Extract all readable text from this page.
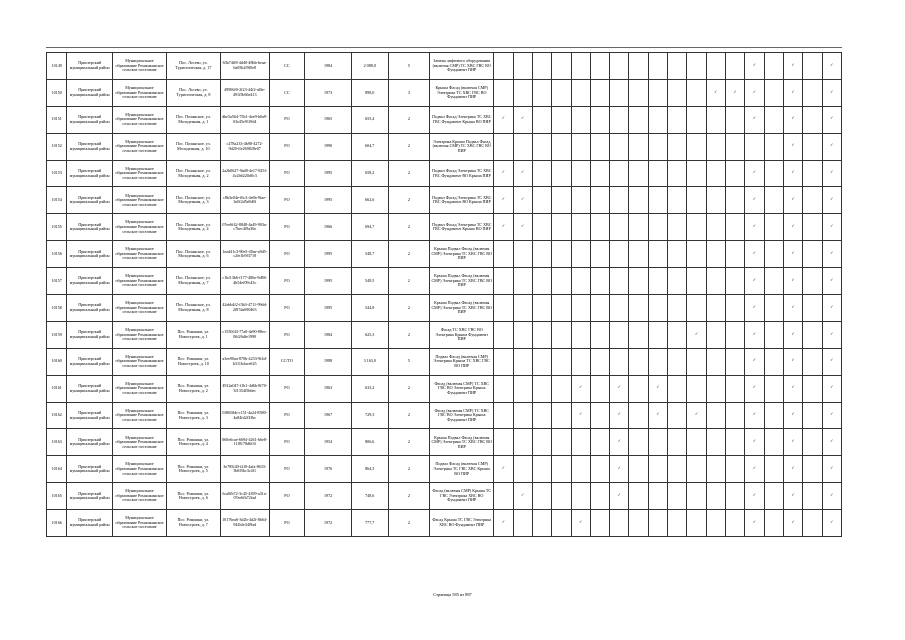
10149	Приозерский муниципальный район	Муниципальное образование Ромашкинское сельское поселение	Пос. Лосево, ул. Туристическая, д. 17	63b74ff8-4d40-48bb-beaa-6a05b2f9f0e8	СС	1984	2 088,0	5	Замена лифтового оборудования (включая СМР) ТС ХВС ГВС ВО Фундамент ПИР														✓		✓		✓
10150	Приозерский муниципальный район	Муниципальное образование Ромашкинское сельское поселение	Пос. Лосево, ул. Туристическая, д. 8	49906f0-2f23-44f2-a8fe-491f5b66e413	СС	1973	898,0	3	Крыша Фасад (включая СМР) Электрика ТС ХВС ГВС ВО Фундамент ПИР												✓	✓	✓		✓		✓
10151	Приозерский муниципальный район	Муниципальное образование Ромашкинское сельское поселение	Пос. Полянское, ул. Молодежная, д. 1	dbe5a564-75b1-4ee9-b0a9-03e45e91f9d4	РО	1965	655,4	2	Подвал Фасад Электрика ТС ХВС ГВС Фундамент Крыша ВО ПИР	✓	✓												✓		✓		✓
10152	Приозерский муниципальный район	Муниципальное образование Ромашкинское сельское поселение	Пос. Полянское, ул. Молодежная, д. 10	c278a233-4b98-4272-9d20-ffe269828e07	РО	1990	604,7	2	Электрика Крыша Подвал Фасад (включая СМР) ТС ХВС ГВС ВО ПИР																✓		✓
10153	Приозерский муниципальный район	Муниципальное образование Ромашкинское сельское поселение	Пос. Полянское, ул. Молодежная, д. 2	2a2b0627-9ad8-4e17-825f-4c2b6220d0c3	РО	1995	658,2	2	Подвал Фасад Электрика ТС ХВС ГВС Фундамент ВО Крыша ПИР	✓	✓												✓		✓		✓
10154	Приозерский муниципальный район	Муниципальное образование Ромашкинское сельское поселение	Пос. Полянское, ул. Молодежная, д. 3	c8b3e04e-f6c3-4e6b-9fae-3e0f2d5e8d0f	РО	1995	662,6	2	Подвал Фасад Электрика ТС ХВС ГВС Фундамент ВО Крыша ПИР	✓	✓												✓		✓		✓
10155	Приозерский муниципальный район	Муниципальное образование Ромашкинское сельское поселение	Пос. Полянское, ул. Молодежная, д. 4	07ee6f42-8848-4a49-903a-c7bec4f9a36e	РО	1966	694,7	2	Подвал Фасад Электрика ТС ХВС ГВС Фундамент Крыша ВО ПИР	✓	✓												✓		✓		✓
10156	Приозерский муниципальный район	Муниципальное образование Ромашкинское сельское поселение	Пос. Полянское, ул. Молодежная, д. 6	1ead41c3-90e5-40ae-a9d5-c2fe1b9f3718	РО	1995	548,7	2	Крыша Подвал Фасад (включая СМР) Электрика ТС ХВС ГВС ВО ПИР														✓		✓		✓
10157	Приозерский муниципальный район	Муниципальное образование Ромашкинское сельское поселение	Пос. Полянское, ул. Молодежная, д. 7	c1bf13b6-f177-486e-9d86-4b54ef09c43c	РО	1995	549,5	2	Крыша Подвал Фасад (включая СМР) Электрика ТС ХВС ГВС ВО ПИР														✓		✓		✓
10158	Приозерский муниципальный район	Муниципальное образование Ромашкинское сельское поселение	Пос. Полянское, ул. Молодежная, д. 8	42ebb4f2-f3b3-4711-99dd-2f87da690463	РО	1995	544,8	2	Крыша Подвал Фасад (включая СМР) Электрика ТС ХВС ГВС ВО ПИР														✓		✓		✓
10159	Приозерский муниципальный район	Муниципальное образование Ромашкинское сельское поселение	Пос. Ромашки, ул. Новостроек, д. 1	c1550f43-77a0-4e90-88ec-06f26dfe1990	РО	1984	625,3	2	Фасад ТС ХВС ГВС ВО Электрика Крыша Фундамент ПИР											✓			✓		✓		✓
10160	Приозерский муниципальный район	Муниципальное образование Ромашкинское сельское поселение	Пос. Ромашки, ул. Новостроек, д. 10	a3ee90aa-870b-4233-9f4d-b311b4ace625	СС/ТО	1988	3 163,0	5	Подвал Фасад (включая СМР) Электрика Крыша ТС ХВС ГВС ВО ПИР														✓		✓		✓
10161	Приозерский муниципальный район	Муниципальное образование Ромашкинское сельское поселение	Пос. Ромашки, ул. Новостроек, д. 2	4912a047-f1b1-4d6b-8f70-3f1354f5b6ec	РО	1963	633,2	2	Фасад (включая СМР) ТС ХВС ГВС ВО Электрика Крыша Фундамент ПИР					✓		✓		✓					✓		✓		✓
10162	Приозерский муниципальный район	Муниципальное образование Ромашкинское сельское поселение	Пос. Ромашки, ул. Новостроек, д. 3	0f865fbb-c151-4a24-8580-4a84fd2f33bc	РО	1967	729,3	2	Фасад (включая СМР) ТС ХВС ГВС ВО Электрика Крыша Фундамент ПИР					✓		✓		✓		✓			✓		✓		✓
10163	Приозерский муниципальный район	Муниципальное образование Ромашкинское сельское поселение	Пос. Ромашки, ул. Новостроек, д. 4	060e6cae-6694-4261-b6e8-11f8178d6f3f	РО	1954	806,6	2	Крыша Подвал Фасад (включая СМР) Электрика ТС ХВС ГВС ВО ПИР							✓							✓		✓		✓
10164	Приозерский муниципальный район	Муниципальное образование Ромашкинское сельское поселение	Пос. Ромашки, ул. Новостроек, д. 5	3e785f40-f2f0-4afa-8633-5b8f5bc3c4f1	РО	1976	864,3	2	Подвал Фасад (включая СМР) Электрика ТС ГВС ХВС Крыша ВО ПИР	✓						✓							✓		✓		✓
10165	Приозерский муниципальный район	Муниципальное образование Ромашкинское сельское поселение	Пос. Ромашки, ул. Новостроек, д. 6	6ca0fb72-3c45-4399-a31a-07ee6fb72fad	РО	1972	748,6	2	Фасад (включая СМР) Крыша ТС ГВС Электрика ХВС ВО Фундамент ПИР		✓					✓							✓		✓		✓
10166	Приозерский муниципальный район	Муниципальное образование Ромашкинское сельское поселение	Пос. Ромашки, ул. Новостроек, д. 7	10176ea6-3d2b-4d2f-8b64-942bfe34f9ad	РО	1972	777,7	2	Фасад Крыша ТС ГВС Электрика ХВС ВО Фундамент ПИР	✓				✓									✓		✓		✓
Страница 585 из 887
